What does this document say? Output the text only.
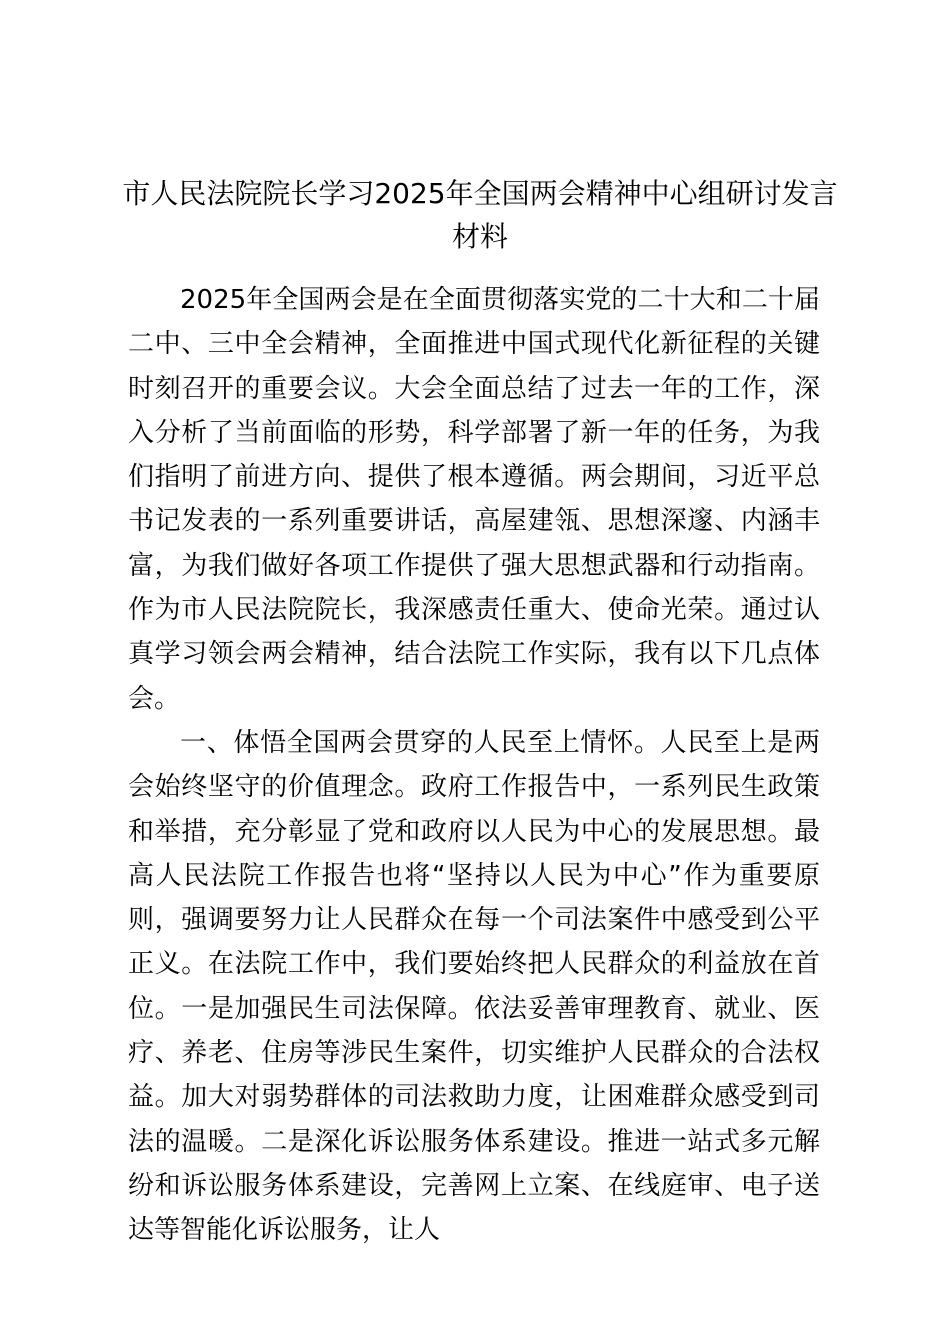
市人民法院院长学习2025年全国两会精神中心组研讨发言材料

2025年全国两会是在全面贯彻落实党的二十大和二十届二中、三中全会精神，全面推进中国式现代化新征程的关键时刻召开的重要会议。大会全面总结了过去一年的工作，深入分析了当前面临的形势，科学部署了新一年的任务，为我们指明了前进方向、提供了根本遵循。两会期间，习近平总书记发表的一系列重要讲话，高屋建瓴、思想深邃、内涵丰富，为我们做好各项工作提供了强大思想武器和行动指南。作为市人民法院院长，我深感责任重大、使命光荣。通过认真学习领会两会精神，结合法院工作实际，我有以下几点体会。

一、体悟全国两会贯穿的人民至上情怀。人民至上是两会始终坚守的价值理念。政府工作报告中，一系列民生政策和举措，充分彰显了党和政府以人民为中心的发展思想。最高人民法院工作报告也将“坚持以人民为中心”作为重要原则，强调要努力让人民群众在每一个司法案件中感受到公平正义。在法院工作中，我们要始终把人民群众的利益放在首位。一是加强民生司法保障。依法妥善审理教育、就业、医疗、养老、住房等涉民生案件，切实维护人民群众的合法权益。加大对弱势群体的司法救助力度，让困难群众感受到司法的温暖。二是深化诉讼服务体系建设。推进一站式多元解纷和诉讼服务体系建设，完善网上立案、在线庭审、电子送达等智能化诉讼服务，让人
